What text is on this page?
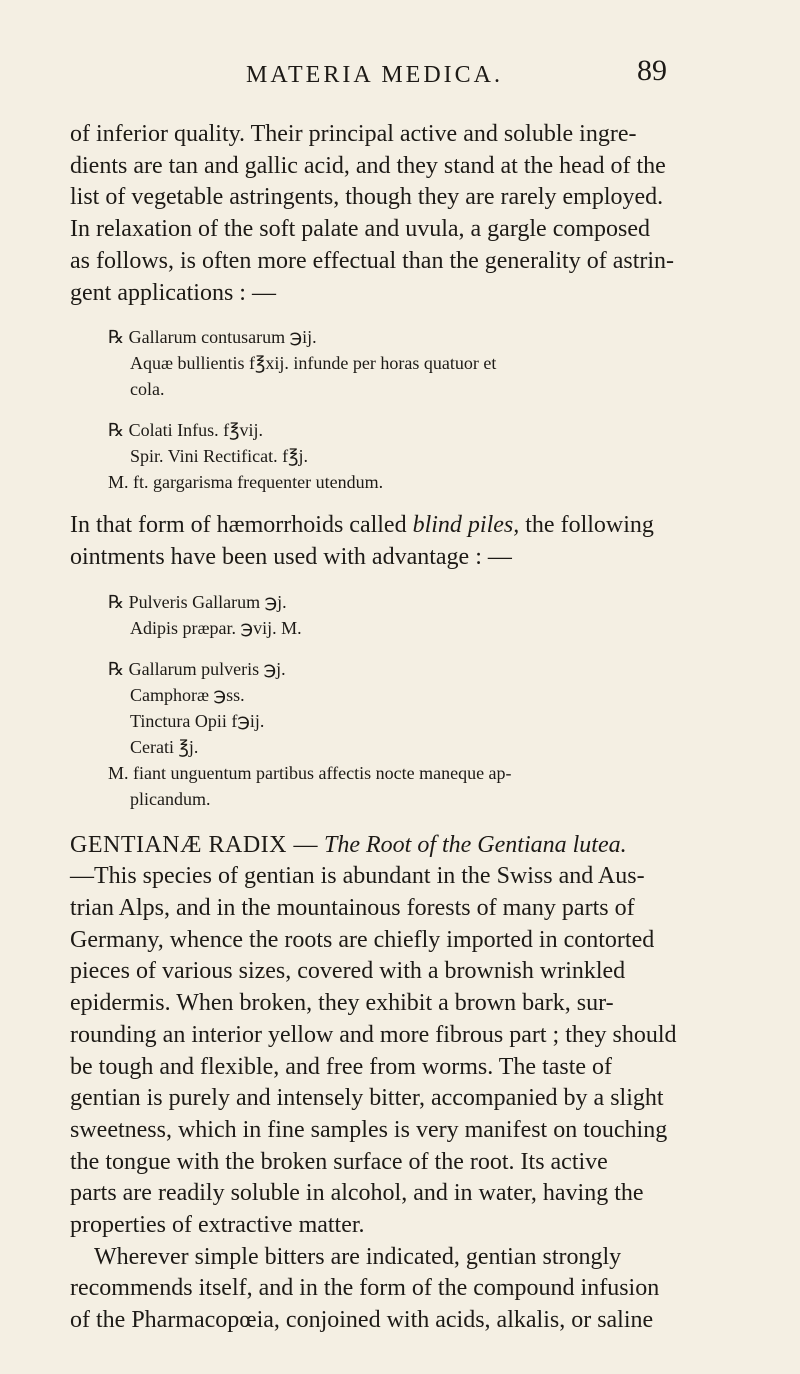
MATERIA MEDICA.	89

of inferior quality. Their principal active and soluble ingre-
dients are tan and gallic acid, and they stand at the head of the
list of vegetable astringents, though they are rarely employed.
In relaxation of the soft palate and uvula, a gargle composed
as follows, is often more effectual than the generality of astrin-
gent applications : —

℞ Gallarum contusarum ℈ij.
Aquæ bullientis f℥xij. infunde per horas quatuor et
cola.
℞ Colati Infus. f℥vij.
Spir. Vini Rectificat. f℥j.
M. ft. gargarisma frequenter utendum.

In that form of hæmorrhoids called blind piles, the following
ointments have been used with advantage : —

℞ Pulveris Gallarum ℈j.
Adipis præpar. ℈vij. M.
℞ Gallarum pulveris ℈j.
Camphoræ ℈ss.
Tinctura Opii f℈ij.
Cerati ℥j.
M. fiant unguentum partibus affectis nocte maneque ap-
plicandum.

GENTIANÆ RADIX — The Root of the Gentiana lutea.
—This species of gentian is abundant in the Swiss and Aus-
trian Alps, and in the mountainous forests of many parts of
Germany, whence the roots are chiefly imported in contorted
pieces of various sizes, covered with a brownish wrinkled
epidermis. When broken, they exhibit a brown bark, sur-
rounding an interior yellow and more fibrous part ; they should
be tough and flexible, and free from worms. The taste of
gentian is purely and intensely bitter, accompanied by a slight
sweetness, which in fine samples is very manifest on touching
the tongue with the broken surface of the root. Its active
parts are readily soluble in alcohol, and in water, having the
properties of extractive matter.
Wherever simple bitters are indicated, gentian strongly
recommends itself, and in the form of the compound infusion
of the Pharmacopœia, conjoined with acids, alkalis, or saline
